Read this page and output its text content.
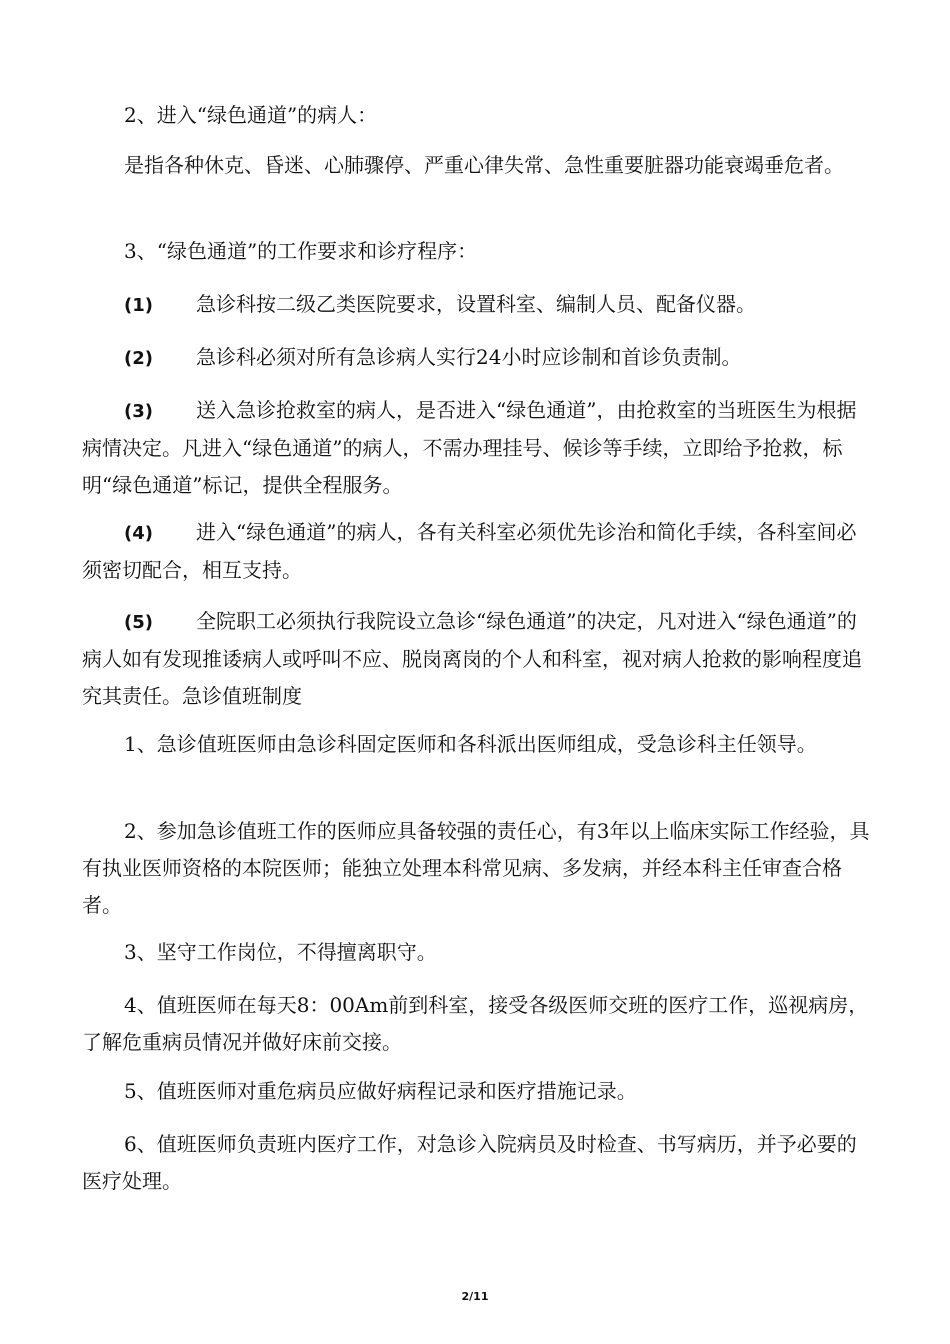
2、进入“绿色通道”的病人：

是指各种休克、昏迷、心肺骤停、严重心律失常、急性重要脏器功能衰竭垂危者。

3、“绿色通道”的工作要求和诊疗程序：

(1) 急诊科按二级乙类医院要求，设置科室、编制人员、配备仪器。

(2) 急诊科必须对所有急诊病人实行24小时应诊制和首诊负责制。

(3) 送入急诊抢救室的病人，是否进入“绿色通道”，由抢救室的当班医生为根据病情决定。凡进入“绿色通道”的病人，不需办理挂号、候诊等手续，立即给予抢救，标明“绿色通道”标记，提供全程服务。

(4) 进入“绿色通道”的病人，各有关科室必须优先诊治和简化手续，各科室间必须密切配合，相互支持。

(5) 全院职工必须执行我院设立急诊“绿色通道”的决定，凡对进入“绿色通道”的病人如有发现推诿病人或呼叫不应、脱岗离岗的个人和科室，视对病人抢救的影响程度追究其责任。急诊值班制度

1、急诊值班医师由急诊科固定医师和各科派出医师组成，受急诊科主任领导。

2、参加急诊值班工作的医师应具备较强的责任心，有3年以上临床实际工作经验，具有执业医师资格的本院医师；能独立处理本科常见病、多发病，并经本科主任审查合格者。

3、坚守工作岗位，不得擅离职守。

4、值班医师在每天8：00Am前到科室，接受各级医师交班的医疗工作，巡视病房，了解危重病员情况并做好床前交接。

5、值班医师对重危病员应做好病程记录和医疗措施记录。

6、值班医师负责班内医疗工作，对急诊入院病员及时检查、书写病历，并予必要的医疗处理。

2/11
